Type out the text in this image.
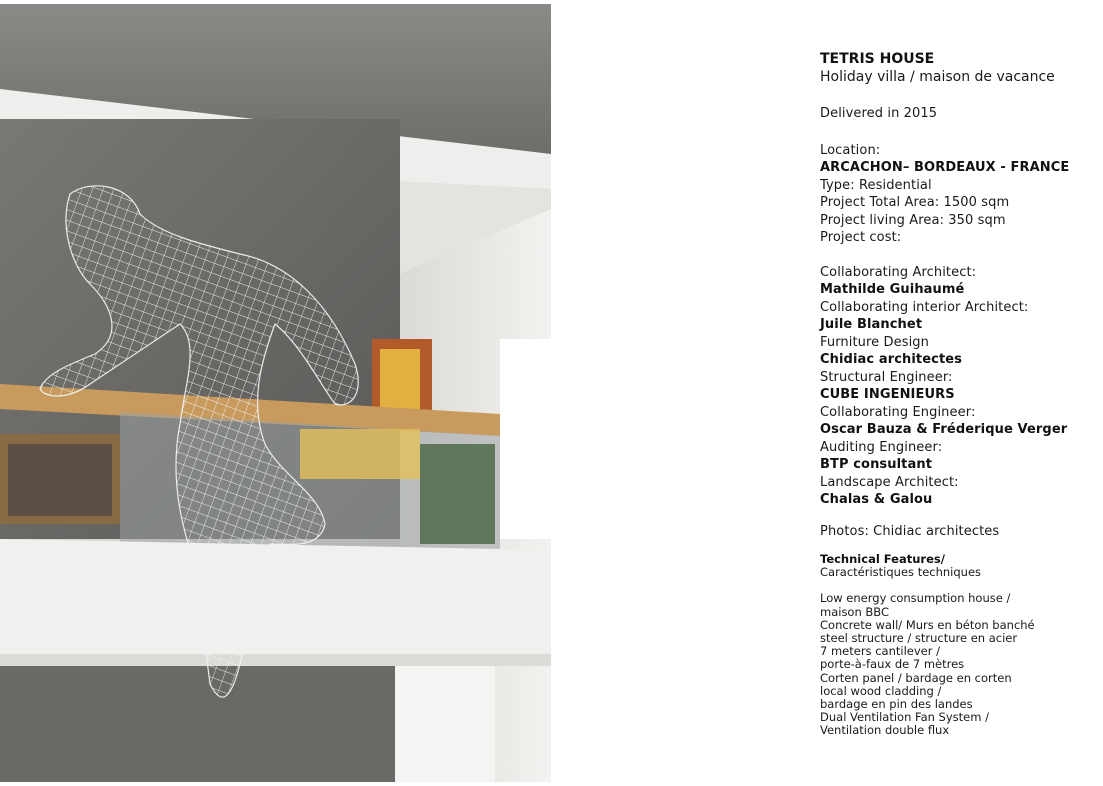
TETRIS HOUSE
Holiday villa / maison de vacance
Delivered in 2015
Location:
ARCACHON– BORDEAUX - FRANCE
Type: Residential
Project Total Area: 1500 sqm
Project living Area: 350 sqm
Project cost:
Collaborating Architect:
Mathilde Guihaumé
Collaborating interior Architect:
Juile Blanchet
Furniture Design
Chidiac architectes
Structural Engineer:
CUBE INGENIEURS
Collaborating Engineer:
Oscar Bauza & Fréderique Verger
Auditing Engineer:
BTP consultant
Landscape Architect:
Chalas & Galou
Photos: Chidiac architectes
Technical Features/
Caractéristiques techniques
Low energy consumption house /
maison BBC
Concrete wall/ Murs en béton banché
steel structure / structure en acier
7 meters cantilever /
porte-à-faux de 7 mètres
Corten panel / bardage en corten
local wood cladding /
bardage en pin des landes
Dual Ventilation Fan System /
Ventilation double flux
